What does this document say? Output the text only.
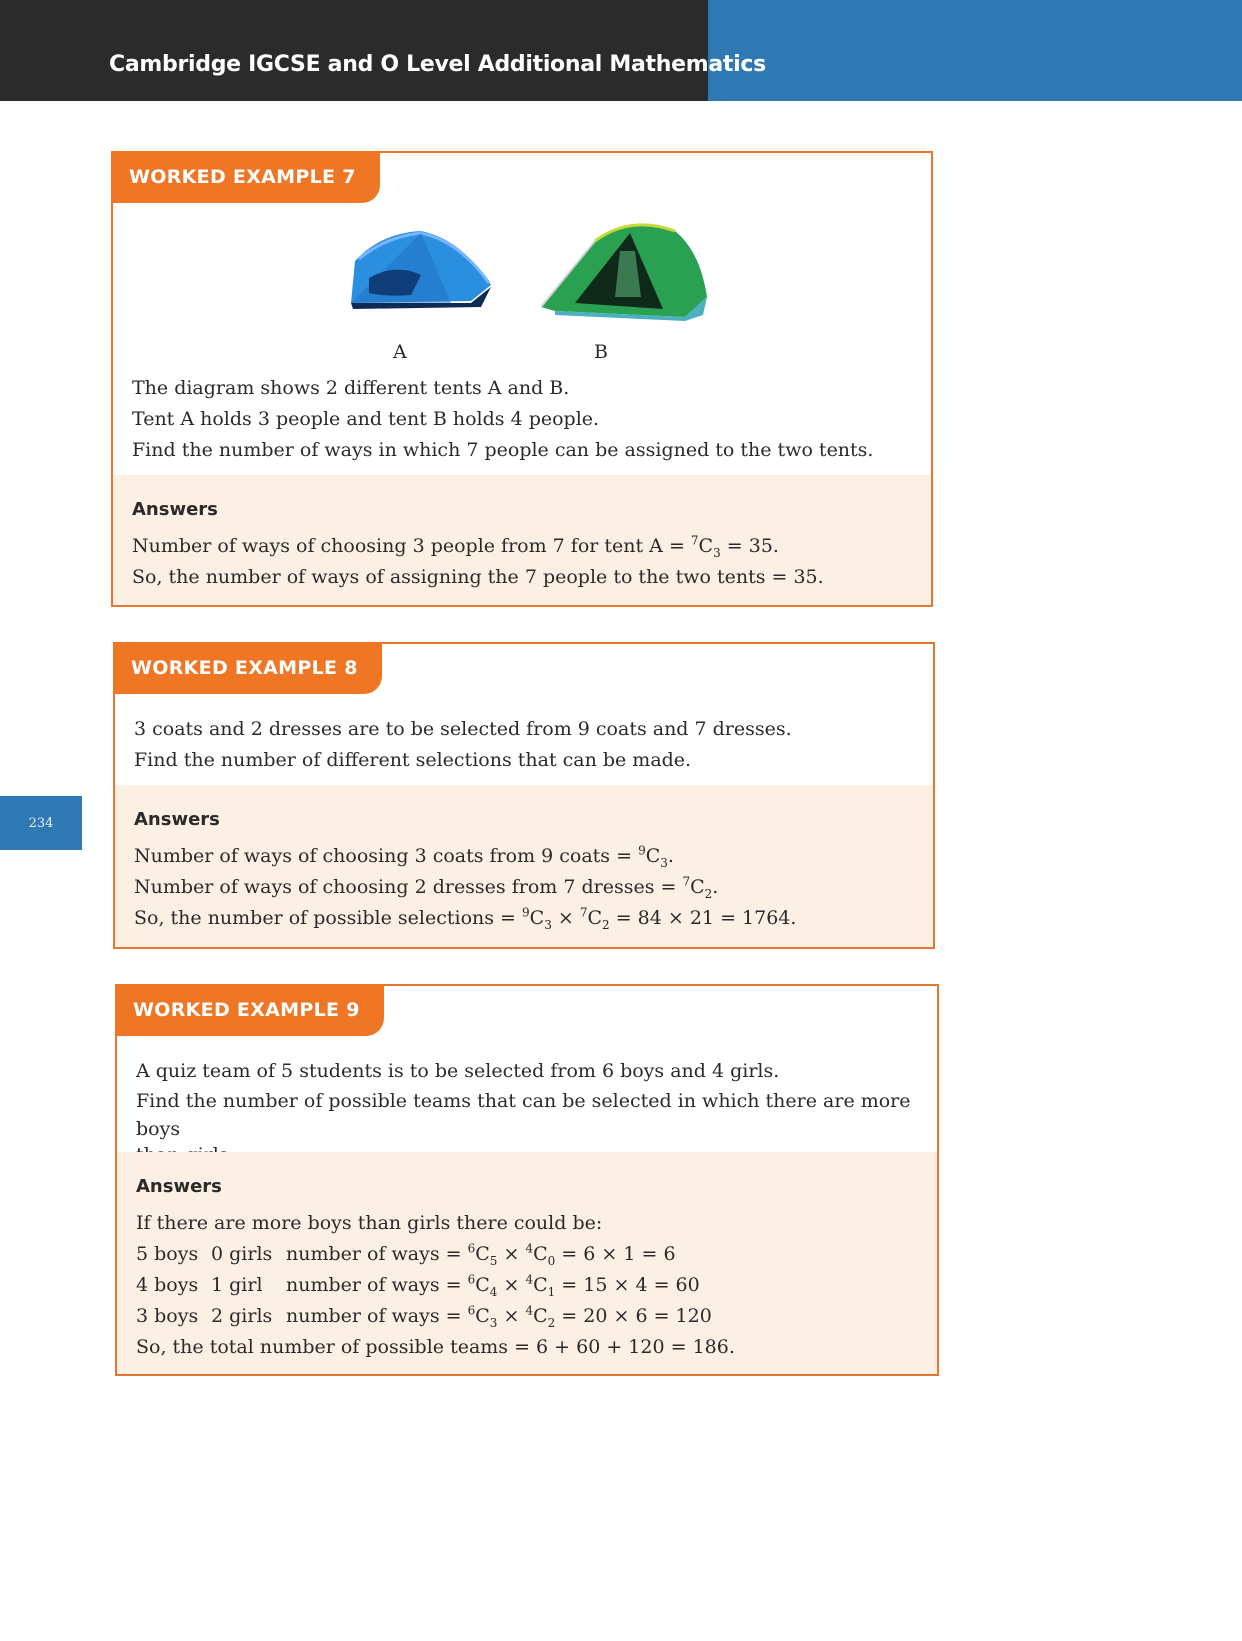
Cambridge IGCSE and O Level Additional Mathematics
234
WORKED EXAMPLE 7
A	B

The diagram shows 2 different tents A and B.

Tent A holds 3 people and tent B holds 4 people.

Find the number of ways in which 7 people can be assigned to the two tents.

Answers

Number of ways of choosing 3 people from 7 for tent $A = ^7C_3 = 35$.

So, the number of ways of assigning the 7 people to the two tents = 35.

WORKED EXAMPLE 8

3 coats and 2 dresses are to be selected from 9 coats and 7 dresses.

Find the number of different selections that can be made.

Answers

Number of ways of choosing 3 coats from 9 coats = $^9C_3$.

Number of ways of choosing 2 dresses from 7 dresses = $^7C_2$.

So, the number of possible selections = $^9C_3 \times ^7C_2 = 84 \times 21 = 1764$.

WORKED EXAMPLE 9

A quiz team of 5 students is to be selected from 6 boys and 4 girls.

Find the number of possible teams that can be selected in which there are more boys

Answers

If there are more boys than girls there could be:

5 boys 0 girls number of ways = $^6C_5 \times ^4C_0 = 6 \times 1 = 6$
4 boys 1 girl	number of ways = $^6C_4 \times ^4C_1 = 15 \times 4 = 60$
3 boys 2 girls number of ways = $^6C_3 \times ^4C_2 = 20 \times 6 = 120$

So, the total number of possible teams = 6 + 60 + 120 = 186.
